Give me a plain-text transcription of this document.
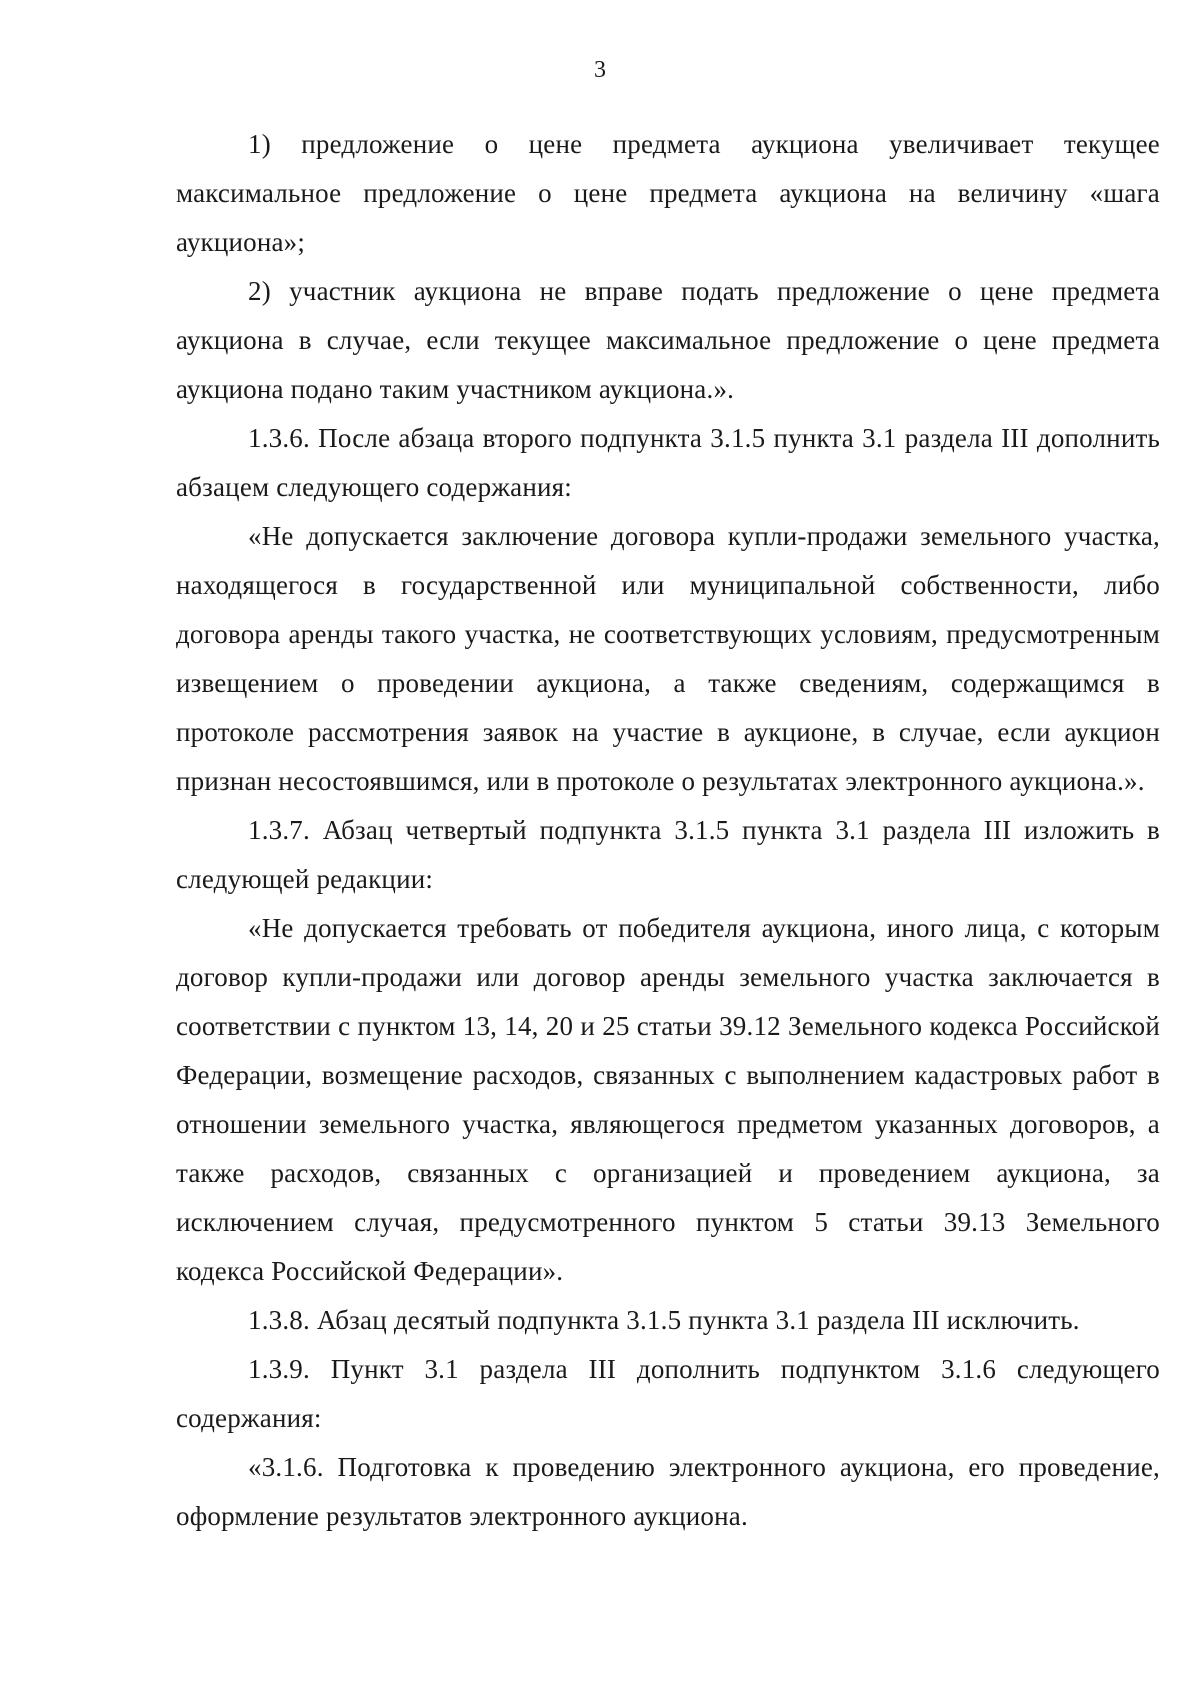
3

1) предложение о цене предмета аукциона увеличивает текущее максимальное предложение о цене предмета аукциона на величину «шага аукциона»;

2) участник аукциона не вправе подать предложение о цене предмета аукциона в случае, если текущее максимальное предложение о цене предмета аукциона подано таким участником аукциона.».

1.3.6. После абзаца второго подпункта 3.1.5 пункта 3.1 раздела III дополнить абзацем следующего содержания:

«Не допускается заключение договора купли-продажи земельного участка, находящегося в государственной или муниципальной собственности, либо договора аренды такого участка, не соответствующих условиям, предусмотренным извещением о проведении аукциона, а также сведениям, содержащимся в протоколе рассмотрения заявок на участие в аукционе, в случае, если аукцион признан несостоявшимся, или в протоколе о результатах электронного аукциона.».

1.3.7. Абзац четвертый подпункта 3.1.5 пункта 3.1 раздела III изложить в следующей редакции:

«Не допускается требовать от победителя аукциона, иного лица, с которым договор купли-продажи или договор аренды земельного участка заключается в соответствии с пунктом 13, 14, 20 и 25 статьи 39.12 Земельного кодекса Российской Федерации, возмещение расходов, связанных с выполнением кадастровых работ в отношении земельного участка, являющегося предметом указанных договоров, а также расходов, связанных с организацией и проведением аукциона, за исключением случая, предусмотренного пунктом 5 статьи 39.13 Земельного кодекса Российской Федерации».

1.3.8. Абзац десятый подпункта 3.1.5 пункта 3.1 раздела III исключить.

1.3.9. Пункт 3.1 раздела III дополнить подпунктом 3.1.6 следующего содержания:

«3.1.6. Подготовка к проведению электронного аукциона, его проведение, оформление результатов электронного аукциона.
